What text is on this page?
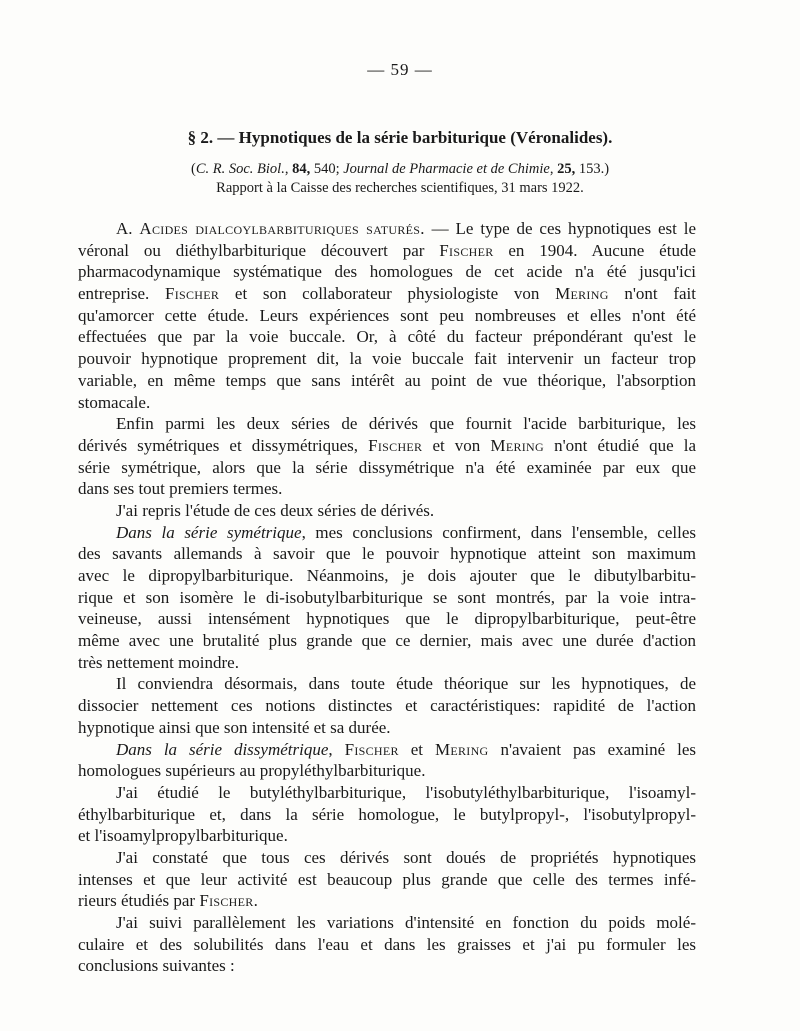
— 59 —
§ 2. — Hypnotiques de la série barbiturique (Véronalides).
(C. R. Soc. Biol., 84, 540; Journal de Pharmacie et de Chimie, 25, 153.)
Rapport à la Caisse des recherches scientifiques, 31 mars 1922.
A. Acides dialcoylbarbituriques saturés. — Le type de ces hypnotiques est le
véronal ou diéthylbarbiturique découvert par Fischer en 1904. Aucune étude
pharmacodynamique systématique des homologues de cet acide n'a été jusqu'ici
entreprise. Fischer et son collaborateur physiologiste von Mering n'ont fait
qu'amorcer cette étude. Leurs expériences sont peu nombreuses et elles n'ont été
effectuées que par la voie buccale. Or, à côté du facteur prépondérant qu'est le
pouvoir hypnotique proprement dit, la voie buccale fait intervenir un facteur trop
variable, en même temps que sans intérêt au point de vue théorique, l'absorption
stomacale.
Enfin parmi les deux séries de dérivés que fournit l'acide barbiturique, les
dérivés symétriques et dissymétriques, Fischer et von Mering n'ont étudié que la
série symétrique, alors que la série dissymétrique n'a été examinée par eux que
dans ses tout premiers termes.
J'ai repris l'étude de ces deux séries de dérivés.
Dans la série symétrique, mes conclusions confirment, dans l'ensemble, celles
des savants allemands à savoir que le pouvoir hypnotique atteint son maximum
avec le dipropylbarbiturique. Néanmoins, je dois ajouter que le dibutylbarbitu-
rique et son isomère le di-isobutylbarbiturique se sont montrés, par la voie intra-
veineuse, aussi intensément hypnotiques que le dipropylbarbiturique, peut-être
même avec une brutalité plus grande que ce dernier, mais avec une durée d'action
très nettement moindre.
Il conviendra désormais, dans toute étude théorique sur les hypnotiques, de
dissocier nettement ces notions distinctes et caractéristiques: rapidité de l'action
hypnotique ainsi que son intensité et sa durée.
Dans la série dissymétrique, Fischer et Mering n'avaient pas examiné les
homologues supérieurs au propyléthylbarbiturique.
J'ai étudié le butyléthylbarbiturique, l'isobutyléthylbarbiturique, l'isoamyl-
éthylbarbiturique et, dans la série homologue, le butylpropyl-, l'isobutylpropyl-
et l'isoamylpropylbarbiturique.
J'ai constaté que tous ces dérivés sont doués de propriétés hypnotiques
intenses et que leur activité est beaucoup plus grande que celle des termes infé-
rieurs étudiés par Fischer.
J'ai suivi parallèlement les variations d'intensité en fonction du poids molé-
culaire et des solubilités dans l'eau et dans les graisses et j'ai pu formuler les
conclusions suivantes :
